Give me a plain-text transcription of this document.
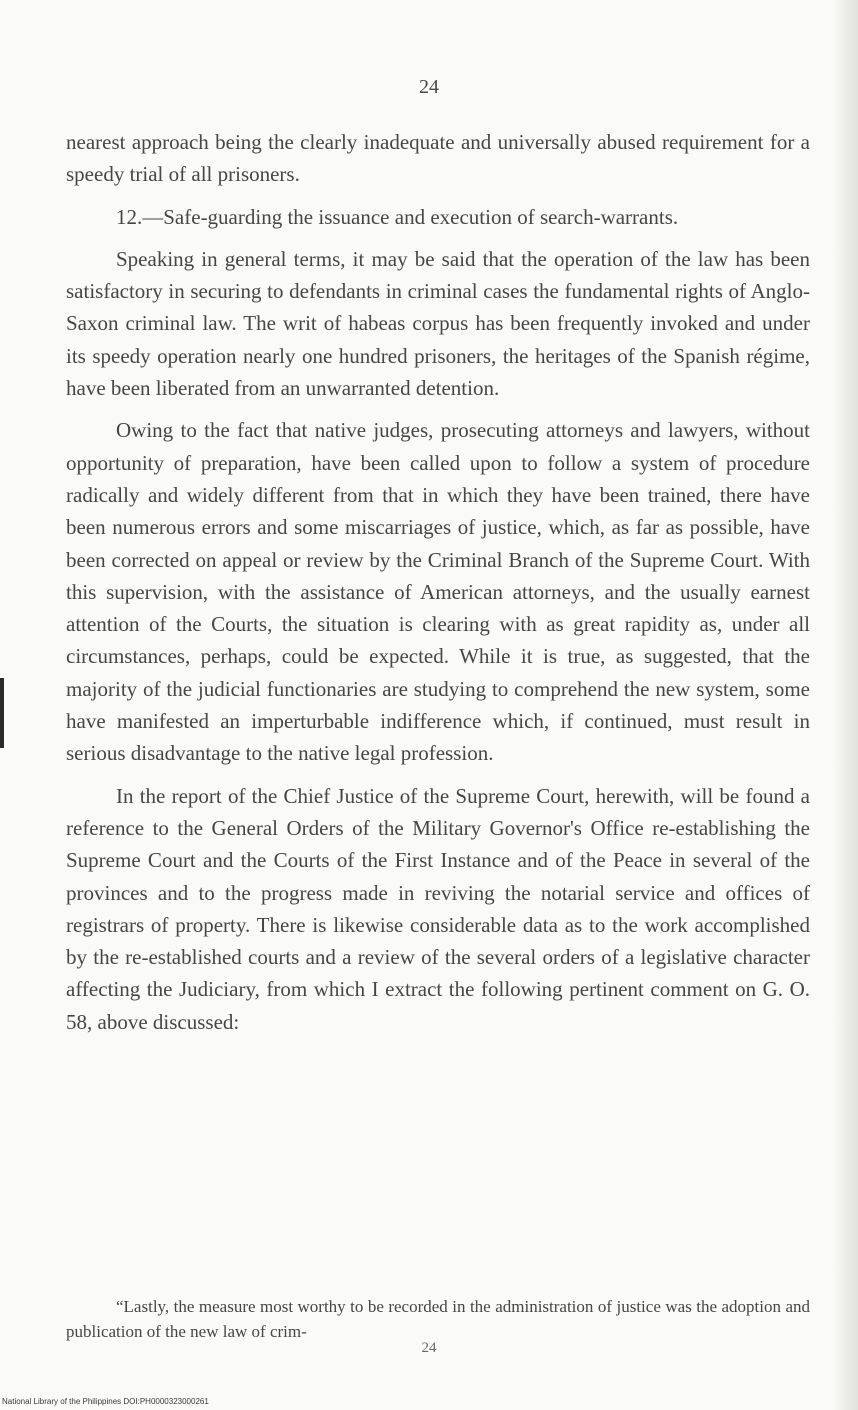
24

nearest approach being the clearly inadequate and universally abused requirement for a speedy trial of all prisoners.

12.—Safe-guarding the issuance and execution of search-warrants.

Speaking in general terms, it may be said that the operation of the law has been satisfactory in securing to defendants in criminal cases the fundamental rights of Anglo-Saxon criminal law. The writ of habeas corpus has been frequently invoked and under its speedy operation nearly one hundred prisoners, the heritages of the Spanish régime, have been liberated from an unwarranted detention.

Owing to the fact that native judges, prosecuting attorneys and lawyers, without opportunity of preparation, have been called upon to follow a system of procedure radically and widely different from that in which they have been trained, there have been numerous errors and some miscarriages of justice, which, as far as possible, have been corrected on appeal or review by the Criminal Branch of the Supreme Court. With this supervision, with the assistance of American attorneys, and the usually earnest attention of the Courts, the situation is clearing with as great rapidity as, under all circumstances, perhaps, could be expected. While it is true, as suggested, that the majority of the judicial functionaries are studying to comprehend the new system, some have manifested an imperturbable indifference which, if continued, must result in serious disadvantage to the native legal profession.

In the report of the Chief Justice of the Supreme Court, herewith, will be found a reference to the General Orders of the Military Governor's Office re-establishing the Supreme Court and the Courts of the First Instance and of the Peace in several of the provinces and to the progress made in reviving the notarial service and offices of registrars of property. There is likewise considerable data as to the work accomplished by the re-established courts and a review of the several orders of a legislative character affecting the Judiciary, from which I extract the following pertinent comment on G. O. 58, above discussed:

“Lastly, the measure most worthy to be recorded in the administration of justice was the adoption and publication of the new law of crim-

24
National Library of the Philippines DOI:PH0000323000261
